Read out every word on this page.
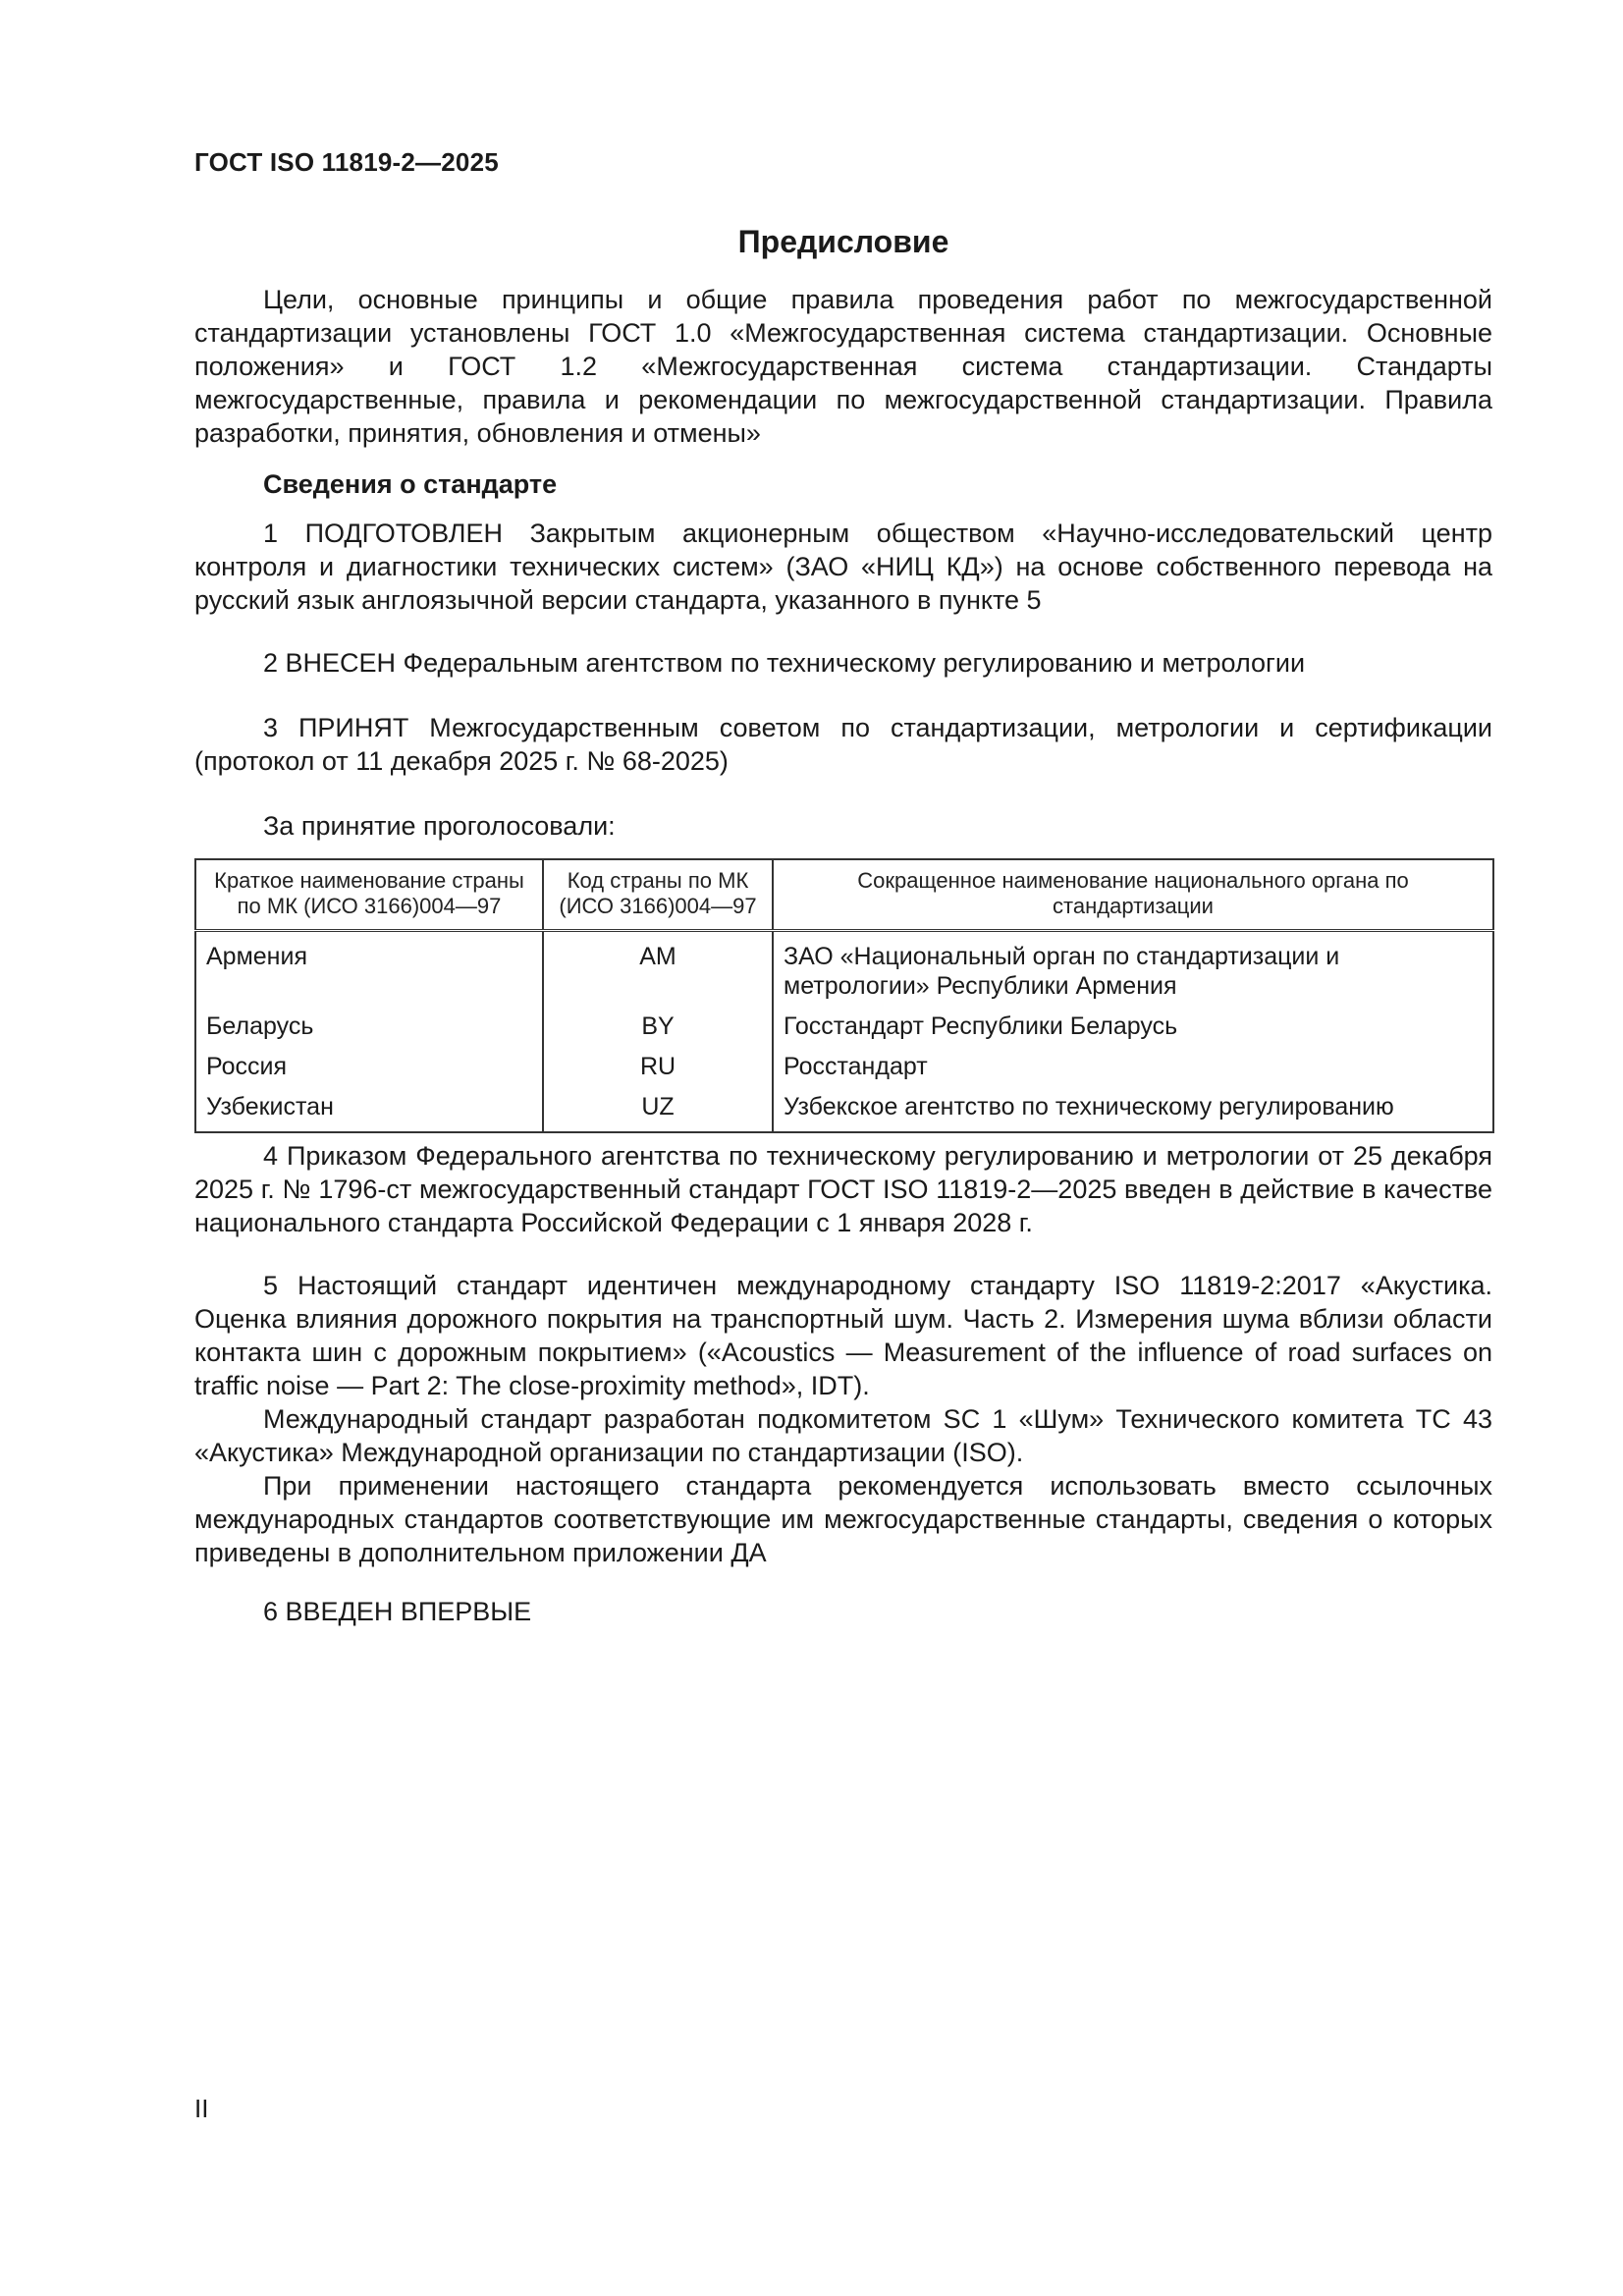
ГОСТ ISO 11819-2—2025
Предисловие

Цели, основные принципы и общие правила проведения работ по межгосударственной стандартизации установлены ГОСТ 1.0 «Межгосударственная система стандартизации. Основные положения» и ГОСТ 1.2 «Межгосударственная система стандартизации. Стандарты межгосударственные, правила и рекомендации по межгосударственной стандартизации. Правила разработки, принятия, обновления и отмены»

Сведения о стандарте

1 ПОДГОТОВЛЕН Закрытым акционерным обществом «Научно-исследовательский центр контроля и диагностики технических систем» (ЗАО «НИЦ КД») на основе собственного перевода на русский язык англоязычной версии стандарта, указанного в пункте 5

2 ВНЕСЕН Федеральным агентством по техническому регулированию и метрологии

3 ПРИНЯТ Межгосударственным советом по стандартизации, метрологии и сертификации (протокол от 11 декабря 2025 г. № 68-2025)

За принятие проголосовали:

Краткое наименование страны по МК (ИСО 3166)004—97	Код страны по МК (ИСО 3166)004—97	Сокращенное наименование национального органа по стандартизации
Армения	AM	ЗАО «Национальный орган по стандартизации и метрологии» Республики Армения
Беларусь	BY	Госстандарт Республики Беларусь
Россия	RU	Росстандарт
Узбекистан	UZ	Узбекское агентство по техническому регулированию

4 Приказом Федерального агентства по техническому регулированию и метрологии от 25 декабря 2025 г. № 1796-ст межгосударственный стандарт ГОСТ ISO 11819-2—2025 введен в действие в качестве национального стандарта Российской Федерации с 1 января 2028 г.

5 Настоящий стандарт идентичен международному стандарту ISO 11819-2:2017 «Акустика. Оценка влияния дорожного покрытия на транспортный шум. Часть 2. Измерения шума вблизи области контакта шин с дорожным покрытием» («Acoustics — Measurement of the influence of road surfaces on traffic noise — Part 2: The close-proximity method», IDT).

Международный стандарт разработан подкомитетом SC 1 «Шум» Технического комитета ТС 43 «Акустика» Международной организации по стандартизации (ISO).

При применении настоящего стандарта рекомендуется использовать вместо ссылочных международных стандартов соответствующие им межгосударственные стандарты, сведения о которых приведены в дополнительном приложении ДА

6 ВВЕДЕН ВПЕРВЫЕ

II
